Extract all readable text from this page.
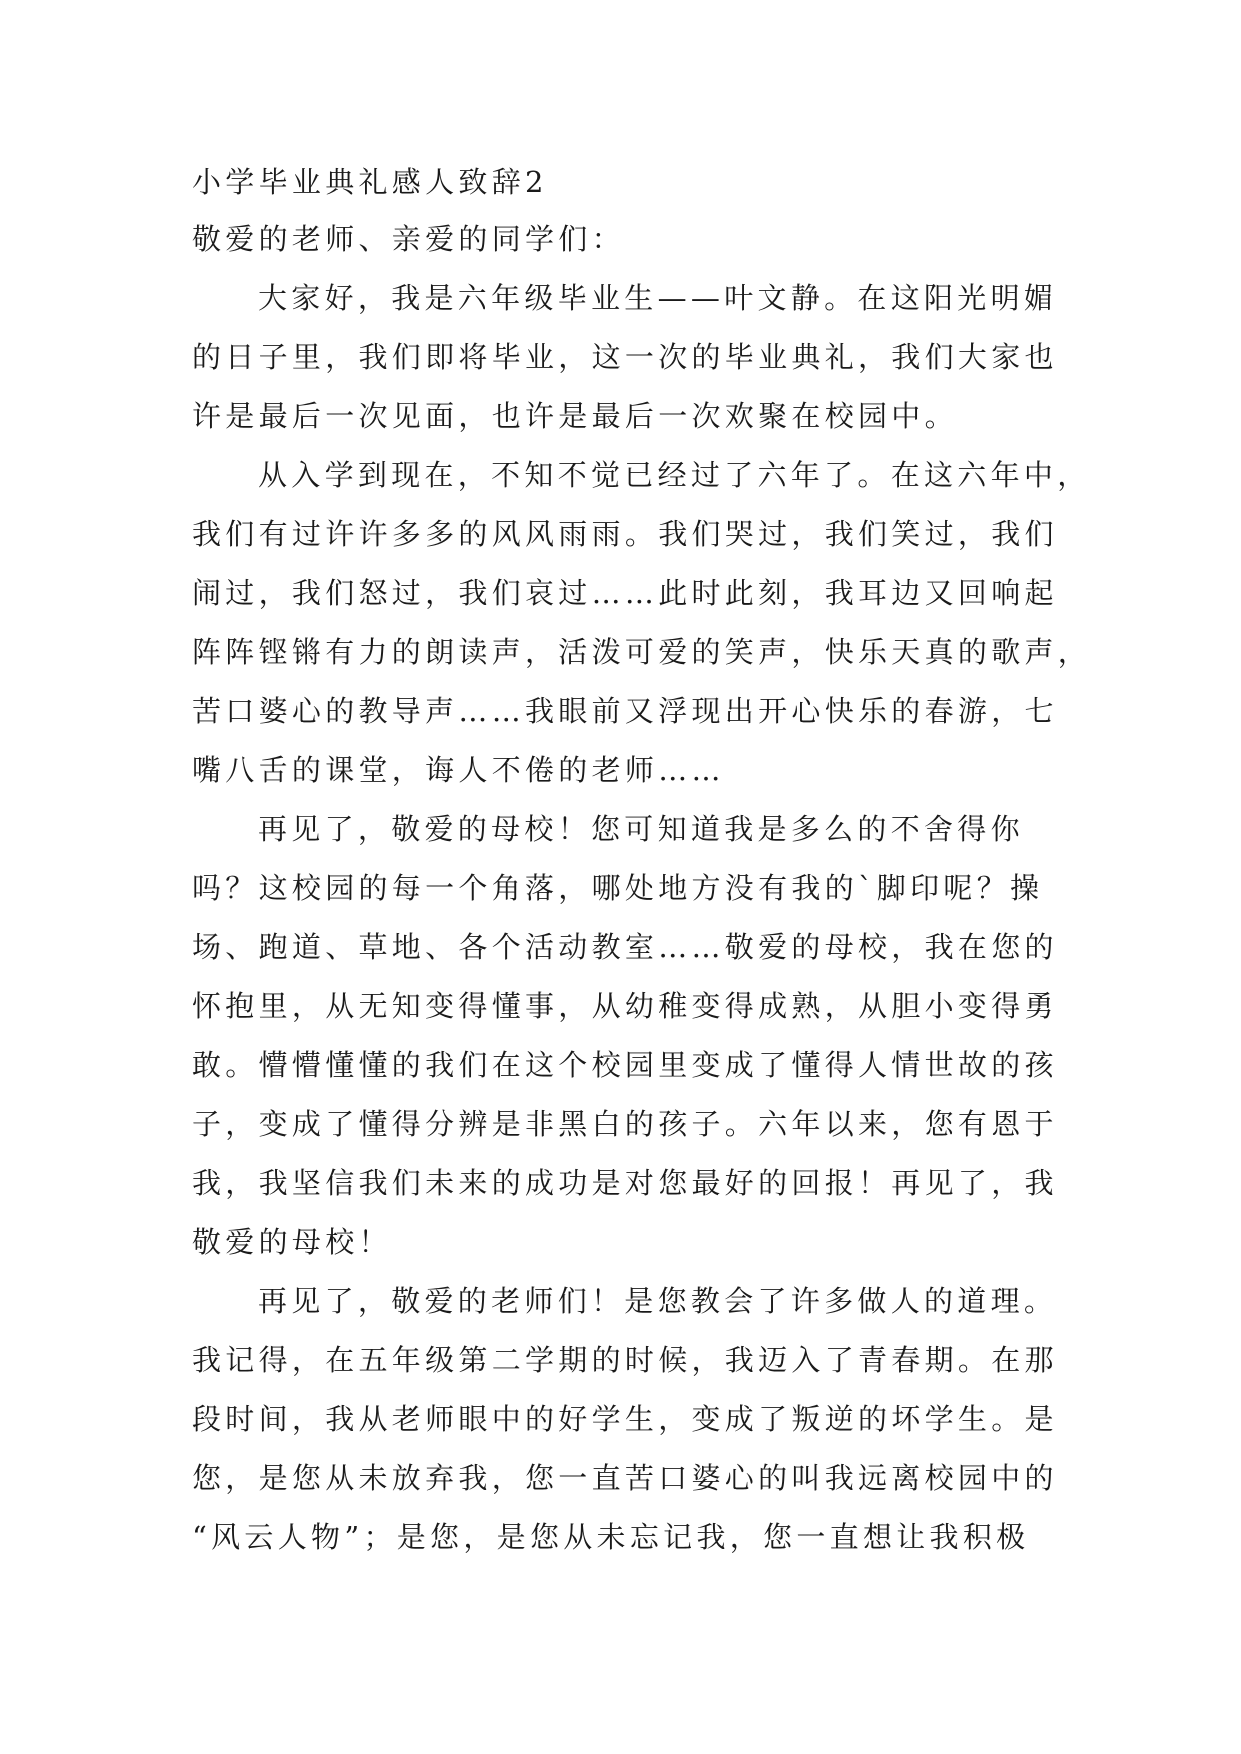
小学毕业典礼感人致辞2
敬爱的老师、亲爱的同学们：
大家好，我是六年级毕业生——叶文静。在这阳光明媚
的日子里，我们即将毕业，这一次的毕业典礼，我们大家也
许是最后一次见面，也许是最后一次欢聚在校园中。
从入学到现在，不知不觉已经过了六年了。在这六年中，
我们有过许许多多的风风雨雨。我们哭过，我们笑过，我们
闹过，我们怒过，我们哀过……此时此刻，我耳边又回响起
阵阵铿锵有力的朗读声，活泼可爱的笑声，快乐天真的歌声，
苦口婆心的教导声……我眼前又浮现出开心快乐的春游，七
嘴八舌的课堂，诲人不倦的老师……
再见了，敬爱的母校！您可知道我是多么的不舍得你
吗？这校园的每一个角落，哪处地方没有我的`脚印呢？操
场、跑道、草地、各个活动教室……敬爱的母校，我在您的
怀抱里，从无知变得懂事，从幼稚变得成熟，从胆小变得勇
敢。懵懵懂懂的我们在这个校园里变成了懂得人情世故的孩
子，变成了懂得分辨是非黑白的孩子。六年以来，您有恩于
我，我坚信我们未来的成功是对您最好的回报！再见了，我
敬爱的母校！
再见了，敬爱的老师们！是您教会了许多做人的道理。
我记得，在五年级第二学期的时候，我迈入了青春期。在那
段时间，我从老师眼中的好学生，变成了叛逆的坏学生。是
您，是您从未放弃我，您一直苦口婆心的叫我远离校园中的
“风云人物”；是您，是您从未忘记我，您一直想让我积极
